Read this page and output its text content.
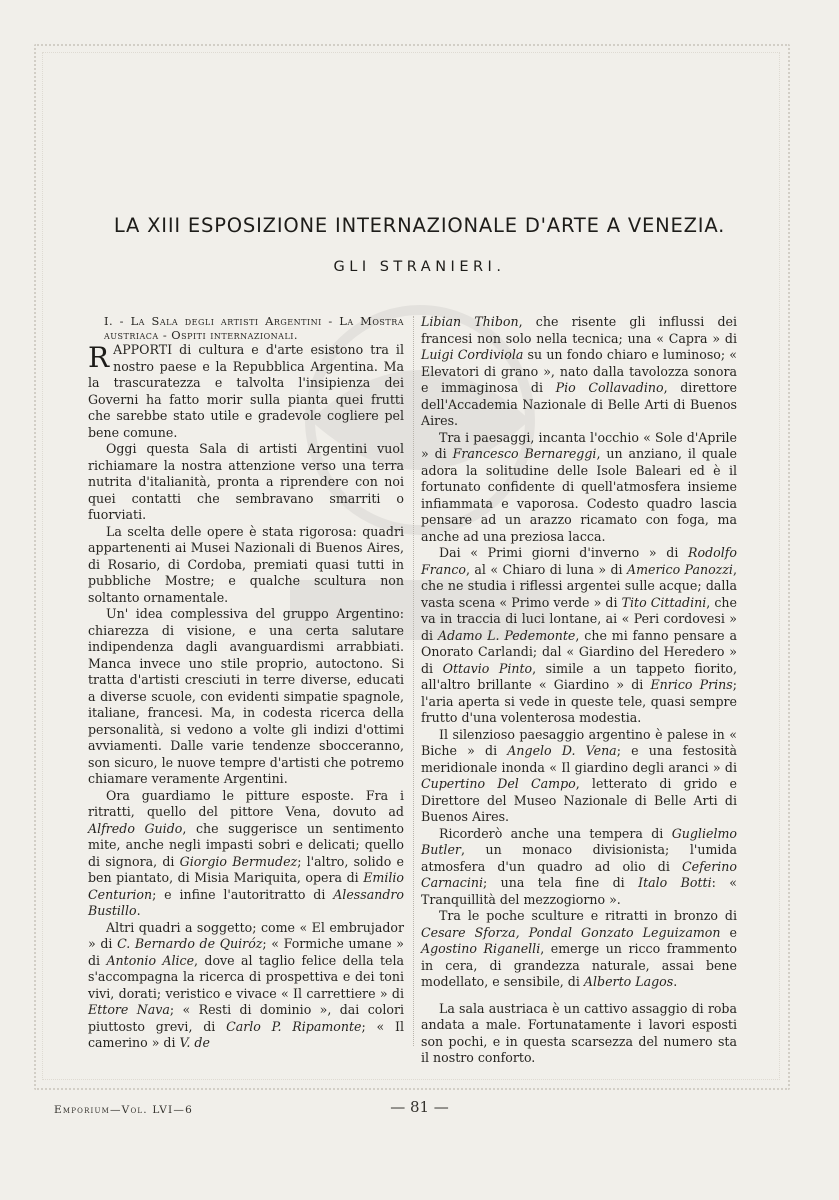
LA XIII ESPOSIZIONE INTERNAZIONALE D'ARTE A VENEZIA.
GLI STRANIERI.

I. - La Sala degli artisti Argentini - La Mostra austriaca - Ospiti internazionali.

RAPPORTI di cultura e d'arte esistono tra il nostro paese e la Repubblica Argentina. Ma la trascuratezza e talvolta l'insipienza dei Governi ha fatto morir sulla pianta quei frutti che sarebbe stato utile e gradevole cogliere pel bene comune.

Oggi questa Sala di artisti Argentini vuol richiamare la nostra attenzione verso una terra nutrita d'italianità, pronta a riprendere con noi quei contatti che sembravano smarriti o fuorviati.

La scelta delle opere è stata rigorosa: quadri appartenenti ai Musei Nazionali di Buenos Aires, di Rosario, di Cordoba, premiati quasi tutti in pubbliche Mostre; e qualche scultura non soltanto ornamentale.

Un' idea complessiva del gruppo Argentino: chiarezza di visione, e una certa salutare indipendenza dagli avanguardismi arrabbiati. Manca invece uno stile proprio, autoctono. Si tratta d'artisti cresciuti in terre diverse, educati a diverse scuole, con evidenti simpatie spagnole, italiane, francesi. Ma, in codesta ricerca della personalità, si vedono a volte gli indizi d'ottimi avviamenti. Dalle varie tendenze sbocceranno, son sicuro, le nuove tempre d'artisti che potremo chiamare veramente Argentini.

Ora guardiamo le pitture esposte. Fra i ritratti, quello del pittore Vena, dovuto ad Alfredo Guido, che suggerisce un sentimento mite, anche negli impasti sobri e delicati; quello di signora, di Giorgio Bermudez; l'altro, solido e ben piantato, di Misia Mariquita, opera di Emilio Centurion; e infine l'autoritratto di Alessandro Bustillo.

Altri quadri a soggetto; come « El embrujador » di C. Bernardo de Quiróz; « Formiche umane » di Antonio Alice, dove al taglio felice della tela s'accompagna la ricerca di prospettiva e dei toni vivi, dorati; veristico e vivace « Il carrettiere » di Ettore Nava; « Resti di dominio », dai colori piuttosto grevi, di Carlo P. Ripamonte; « Il camerino » di V. de

Libian Thibon, che risente gli influssi dei francesi non solo nella tecnica; una « Capra » di Luigi Cordiviola su un fondo chiaro e luminoso; « Elevatori di grano », nato dalla tavolozza sonora e immaginosa di Pio Collavadino, direttore dell'Accademia Nazionale di Belle Arti di Buenos Aires.

Tra i paesaggi, incanta l'occhio « Sole d'Aprile » di Francesco Bernareggi, un anziano, il quale adora la solitudine delle Isole Baleari ed è il fortunato confidente di quell'atmosfera insieme infiammata e vaporosa. Codesto quadro lascia pensare ad un arazzo ricamato con foga, ma anche ad una preziosa lacca.

Dai « Primi giorni d'inverno » di Rodolfo Franco, al « Chiaro di luna » di Americo Panozzi, che ne studia i riflessi argentei sulle acque; dalla vasta scena « Primo verde » di Tito Cittadini, che va in traccia di luci lontane, ai « Peri cordovesi » di Adamo L. Pedemonte, che mi fanno pensare a Onorato Carlandi; dal « Giardino del Heredero » di Ottavio Pinto, simile a un tappeto fiorito, all'altro brillante « Giardino » di Enrico Prins; l'aria aperta si vede in queste tele, quasi sempre frutto d'una volenterosa modestia.

Il silenzioso paesaggio argentino è palese in « Biche » di Angelo D. Vena; e una festosità meridionale inonda « Il giardino degli aranci » di Cupertino Del Campo, letterato di grido e Direttore del Museo Nazionale di Belle Arti di Buenos Aires.

Ricorderò anche una tempera di Guglielmo Butler, un monaco divisionista; l'umida atmosfera d'un quadro ad olio di Ceferino Carnacini; una tela fine di Italo Botti: « Tranquillità del mezzogiorno ».

Tra le poche sculture e ritratti in bronzo di Cesare Sforza, Pondal Gonzato Leguizamon e Agostino Riganelli, emerge un ricco frammento in cera, di grandezza naturale, assai bene modellato, e sensibile, di Alberto Lagos.

La sala austriaca è un cattivo assaggio di roba andata a male. Fortunatamente i lavori esposti son pochi, e in questa scarsezza del numero sta il nostro conforto.

Emporium—Vol. LVI—6	— 81 —
